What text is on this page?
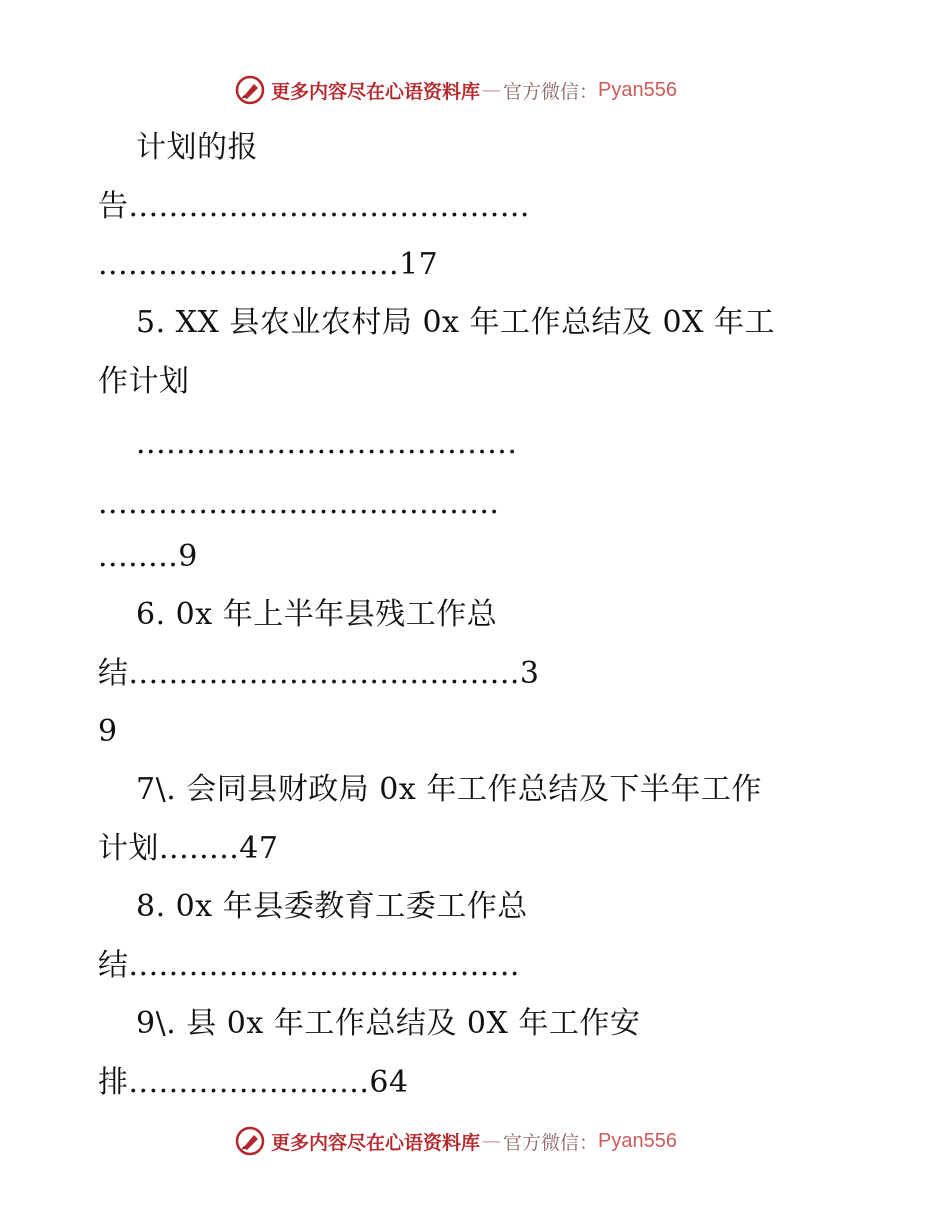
更多内容尽在心语资料库 — 官方微信： Pyan556
计划的报
告........................................
..............................17
5. XX 县农业农村局 0x 年工作总结及 0X 年工
作计划
......................................
........................................
........9
6. 0x 年上半年县残工作总
结.......................................3
9
7\. 会同县财政局 0x 年工作总结及下半年工作
计划........47
8. 0x 年县委教育工委工作总
结.......................................
9\. 县 0x 年工作总结及 0X 年工作安
排........................64
更多内容尽在心语资料库 — 官方微信： Pyan556
